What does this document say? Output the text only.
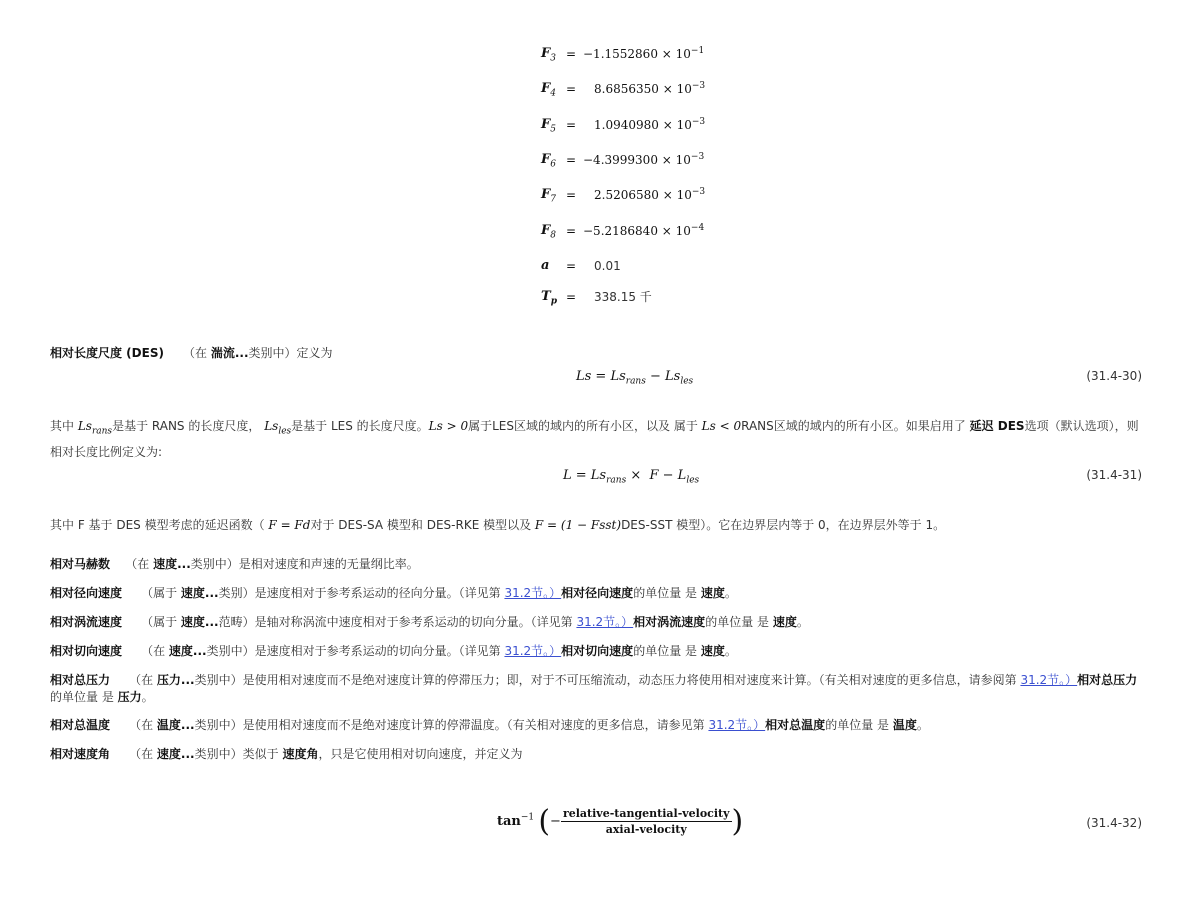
$F_3 = -1.1552860 \times 10^{-1}$
$F_4 = 8.6856350 \times 10^{-3}$
$F_5 = 1.0940980 \times 10^{-3}$
$F_6 = -4.3999300 \times 10^{-3}$
$F_7 = 2.5206580 \times 10^{-3}$
$F_8 = -5.2186840 \times 10^{-4}$
a	= 0.01
$T_p = 338.15$ 千
相对长度尺度 (DES) （在 湍流...类别中）定义为
$Ls = Ls_{rans} - Ls_{les}$	(31.4-30)
其中 $Ls_{rans}$是基于 RANS 的长度尺度， $Ls_{les}$是基于 LES 的长度尺度。Ls > 0属于LES区域的域内的所有小区，以及 属于 Ls < 0RANS区域的域内的所有小区。如果启用了 延迟 DES选项（默认选项），则相对长度比例定义为:
$L = Ls_{rans} \times F - L_{les}$	(31.4-31)
其中 F 基于 DES 模型考虑的延迟函数（ F = Fd对于 DES-SA 模型和 DES-RKE 模型以及 F = (1 − Fsst)DES-SST 模型）。它在边界层内等于 0，在边界层外等于 1。
相对马赫数 （在 速度...类别中）是相对速度和声速的无量纲比率。
相对径向速度 （属于 速度...类别）是速度相对于参考系运动的径向分量。（详见第 31.2节。）相对径向速度的单位量 是 速度。
相对涡流速度 （属于 速度...范畴）是轴对称涡流中速度相对于参考系运动的切向分量。（详见第 31.2节。）相对涡流速度的单位量 是 速度。
相对切向速度 （在 速度...类别中）是速度相对于参考系运动的切向分量。（详见第 31.2节。）相对切向速度的单位量 是 速度。
相对总压力 （在 压力...类别中）是使用相对速度而不是绝对速度计算的停滞压力；即，对于不可压缩流动，动态压力将使用相对速度来计算。（有关相对速度的更多信息，请参阅第 31.2节。）相对总压力的单位量 是 压力。
相对总温度 （在 温度...类别中）是使用相对速度而不是绝对速度计算的停滞温度。（有关相对速度的更多信息，请参见第 31.2节。）相对总温度的单位量 是 温度。
相对速度角 （在 速度...类别中）类似于 速度角，只是它使用相对切向速度，并定义为
$\tan^{-1}$ (− $\frac{\text{relative-tangential-velocity}}{\text{axial-velocity}}$ )	(31.4-32)
